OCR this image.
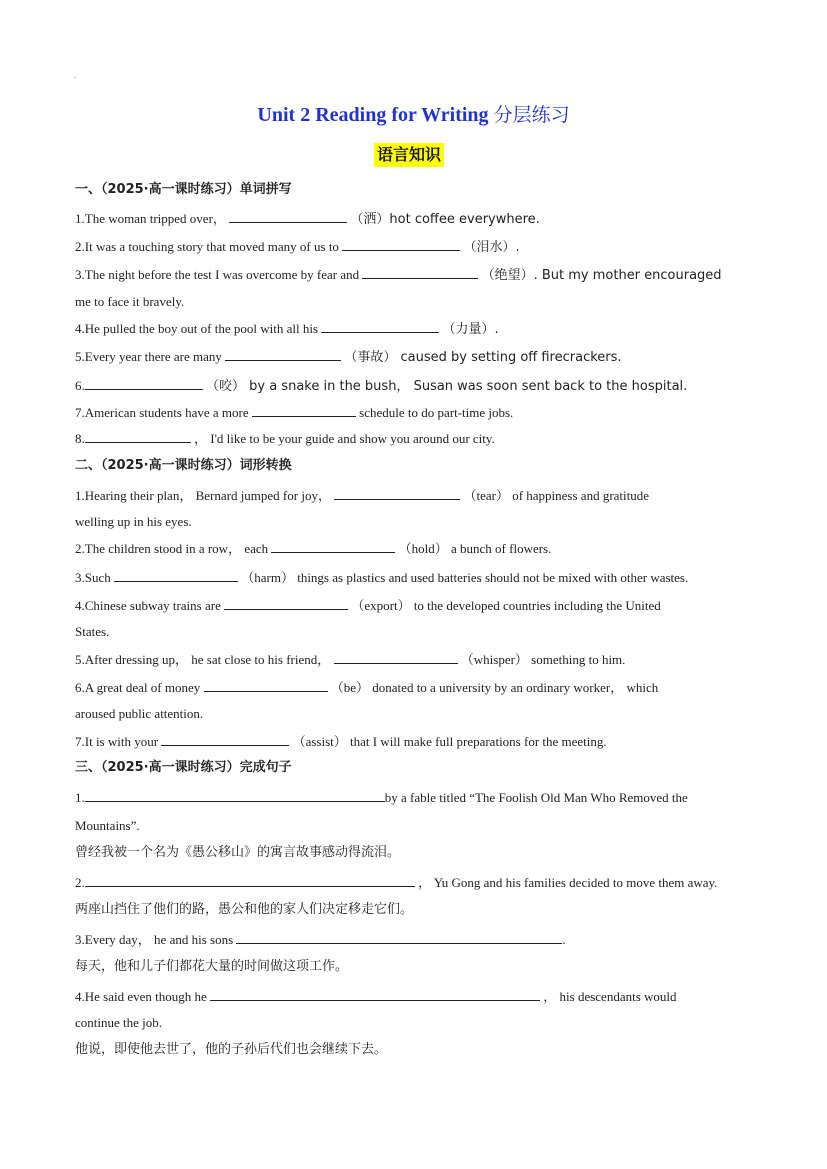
.
Unit 2 Reading for Writing 分层练习
语言知识
一、（2025·高一课时练习）单词拼写
1.The woman tripped over，	（洒）hot coffee everywhere.
2.It was a touching story that moved many of us to	（泪水）.
3.The night before the test I was overcome by fear and	（绝望）. But my mother encouraged
me to face it bravely.
4.He pulled the boy out of the pool with all his	（力量）.
5.Every year there are many	（事故） caused by setting off firecrackers.
6.	（咬） by a snake in the bush， Susan was soon sent back to the hospital.
7.American students have a more	schedule to do part-time jobs.
8.	， I'd like to be your guide and show you around our city.
二、（2025·高一课时练习）词形转换
1.Hearing their plan， Bernard jumped for joy，	（tear） of happiness and gratitude
welling up in his eyes.
2.The children stood in a row， each	（hold） a bunch of flowers.
3.Such	（harm） things as plastics and used batteries should not be mixed with other wastes.
4.Chinese subway trains are	（export） to the developed countries including the United
States.
5.After dressing up， he sat close to his friend，	（whisper） something to him.
6.A great deal of money	（be） donated to a university by an ordinary worker， which
aroused public attention.
7.It is with your	（assist） that I will make full preparations for the meeting.
三、（2025·高一课时练习）完成句子
1.	by a fable titled “The Foolish Old Man Who Removed the
Mountains”.
曾经我被一个名为《愚公移山》的寓言故事感动得流泪。
2.	， Yu Gong and his families decided to move them away.
两座山挡住了他们的路，愚公和他的家人们决定移走它们。
3.Every day， he and his sons	.
每天，他和儿子们都花大量的时间做这项工作。
4.He said even though he	， his descendants would
continue the job.
他说，即使他去世了，他的子孙后代们也会继续下去。
